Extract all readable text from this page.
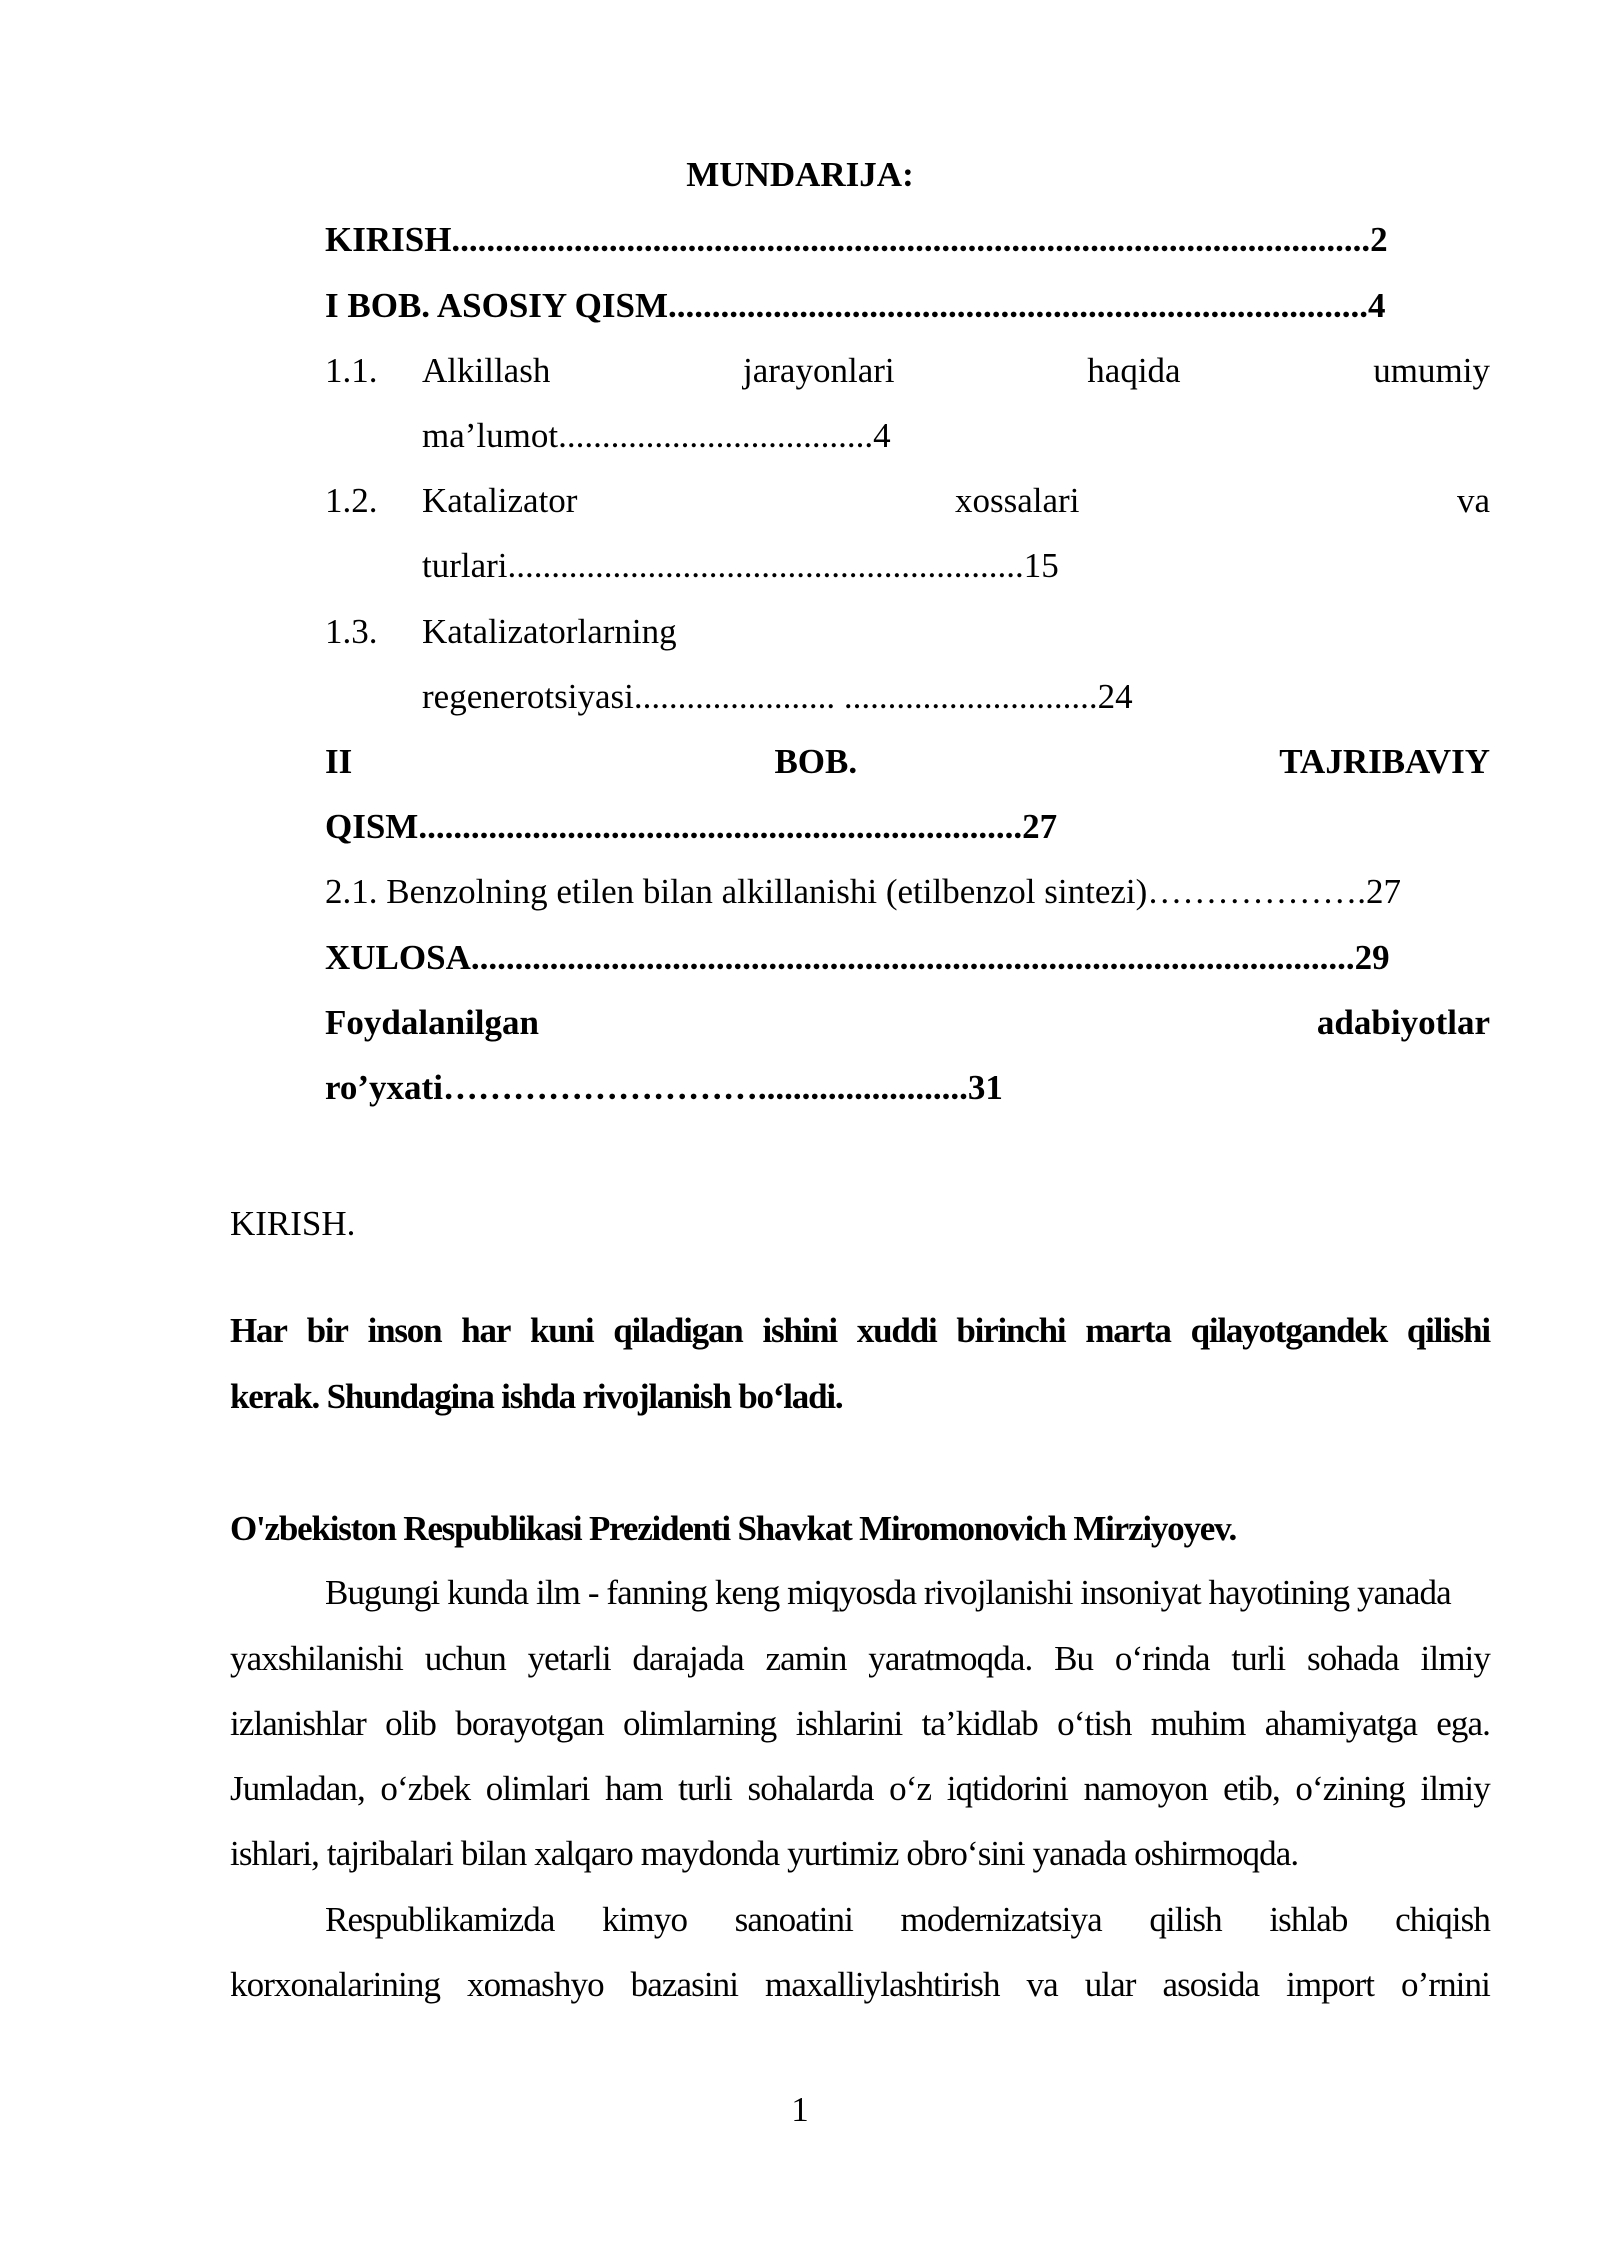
MUNDARIJA:
KIRISH.........................................................................................................2
I BOB. ASOSIY QISM................................................................................4
1.1. Alkillash	jarayonlari	haqida	umumiy
ma’lumot....................................4
1.2. Katalizator	xossalari	va
turlari...........................................................15
1.3. Katalizatorlarning
regenerotsiyasi....................... .............................24
II	BOB.	TAJRIBAVIY
QISM.....................................................................27
2.1. Benzolning etilen bilan alkillanishi (etilbenzol sintezi)……………….27
XULOSA.....................................................................................................29
Foydalanilgan	adabiyotlar
ro’yxati………………………........................31
KIRISH.
Har bir inson har kuni qiladigan ishini xuddi birinchi marta qilayotgandek qilishi
kerak. Shundagina ishda rivojlanish bo‘ladi.
O'zbekiston Respublikasi Prezidenti Shavkat Miromonovich Mirziyoyev.
Bugungi kunda ilm - fanning keng miqyosda rivojlanishi insoniyat hayotining yanada
yaxshilanishi uchun yetarli darajada zamin yaratmoqda. Bu o‘rinda turli sohada ilmiy
izlanishlar olib borayotgan olimlarning ishlarini ta’kidlab o‘tish muhim ahamiyatga ega.
Jumladan, o‘zbek olimlari ham turli sohalarda o‘z iqtidorini namoyon etib, o‘zining ilmiy
ishlari, tajribalari bilan xalqaro maydonda yurtimiz obro‘sini yanada oshirmoqda.
Respublikamizda kimyo sanoatini modernizatsiya qilish ishlab chiqish
korxonalarining xomashyo bazasini maxalliylashtirish va ular asosida import o’rnini
1
